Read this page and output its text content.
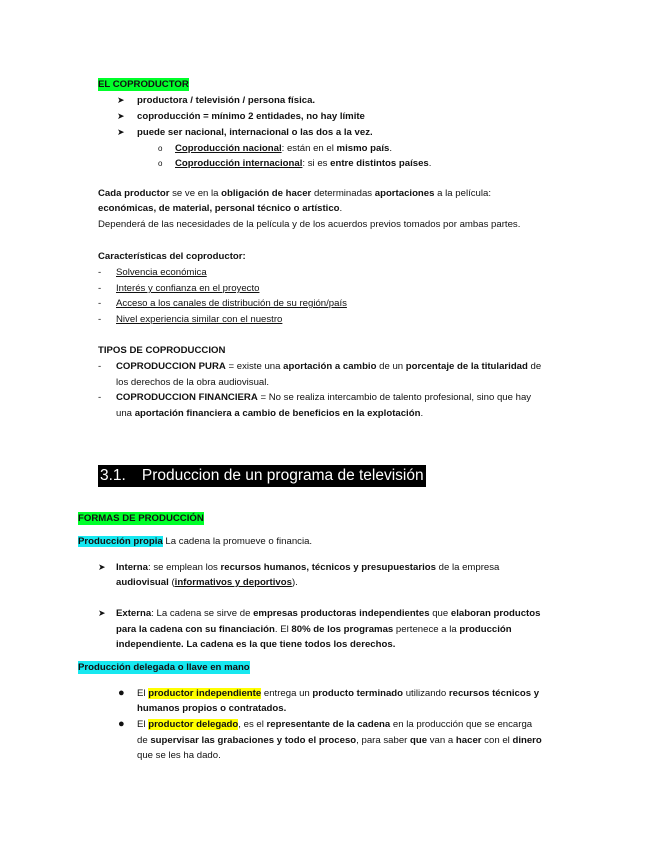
EL COPRODUCTOR
➤ productora / televisión / persona física.
➤ coproducción = mínimo 2 entidades, no hay límite
➤ puede ser nacional, internacional o las dos a la vez.
o Coproducción nacional: están en el mismo país.
o Coproducción internacional: si es entre distintos países.
Cada productor se ve en la obligación de hacer determinadas aportaciones a la película:
económicas, de material, personal técnico o artístico.
Dependerá de las necesidades de la película y de los acuerdos previos tomados por ambas partes.
Características del coproductor:
- Solvencia económica
- Interés y confianza en el proyecto
- Acceso a los canales de distribución de su región/país
- Nivel experiencia similar con el nuestro
TIPOS DE COPRODUCCION
- COPRODUCCION PURA = existe una aportación a cambio de un porcentaje de la titularidad de
los derechos de la obra audiovisual.
- COPRODUCCION FINANCIERA = No se realiza intercambio de talento profesional, sino que hay
una aportación financiera a cambio de beneficios en la explotación.
3.1. Produccion de un programa de televisión
FORMAS DE PRODUCCIÓN
Producción propia La cadena la promueve o financia.
➤ Interna: se emplean los recursos humanos, técnicos y presupuestarios de la empresa
audiovisual (informativos y deportivos).
➤ Externa: La cadena se sirve de empresas productoras independientes que elaboran productos
para la cadena con su financiación. El 80% de los programas pertenece a la producción
independiente. La cadena es la que tiene todos los derechos.
Producción delegada o llave en mano
● El productor independiente entrega un producto terminado utilizando recursos técnicos y
humanos propios o contratados.
● El productor delegado, es el representante de la cadena en la producción que se encarga
de supervisar las grabaciones y todo el proceso, para saber que van a hacer con el dinero
que se les ha dado.
